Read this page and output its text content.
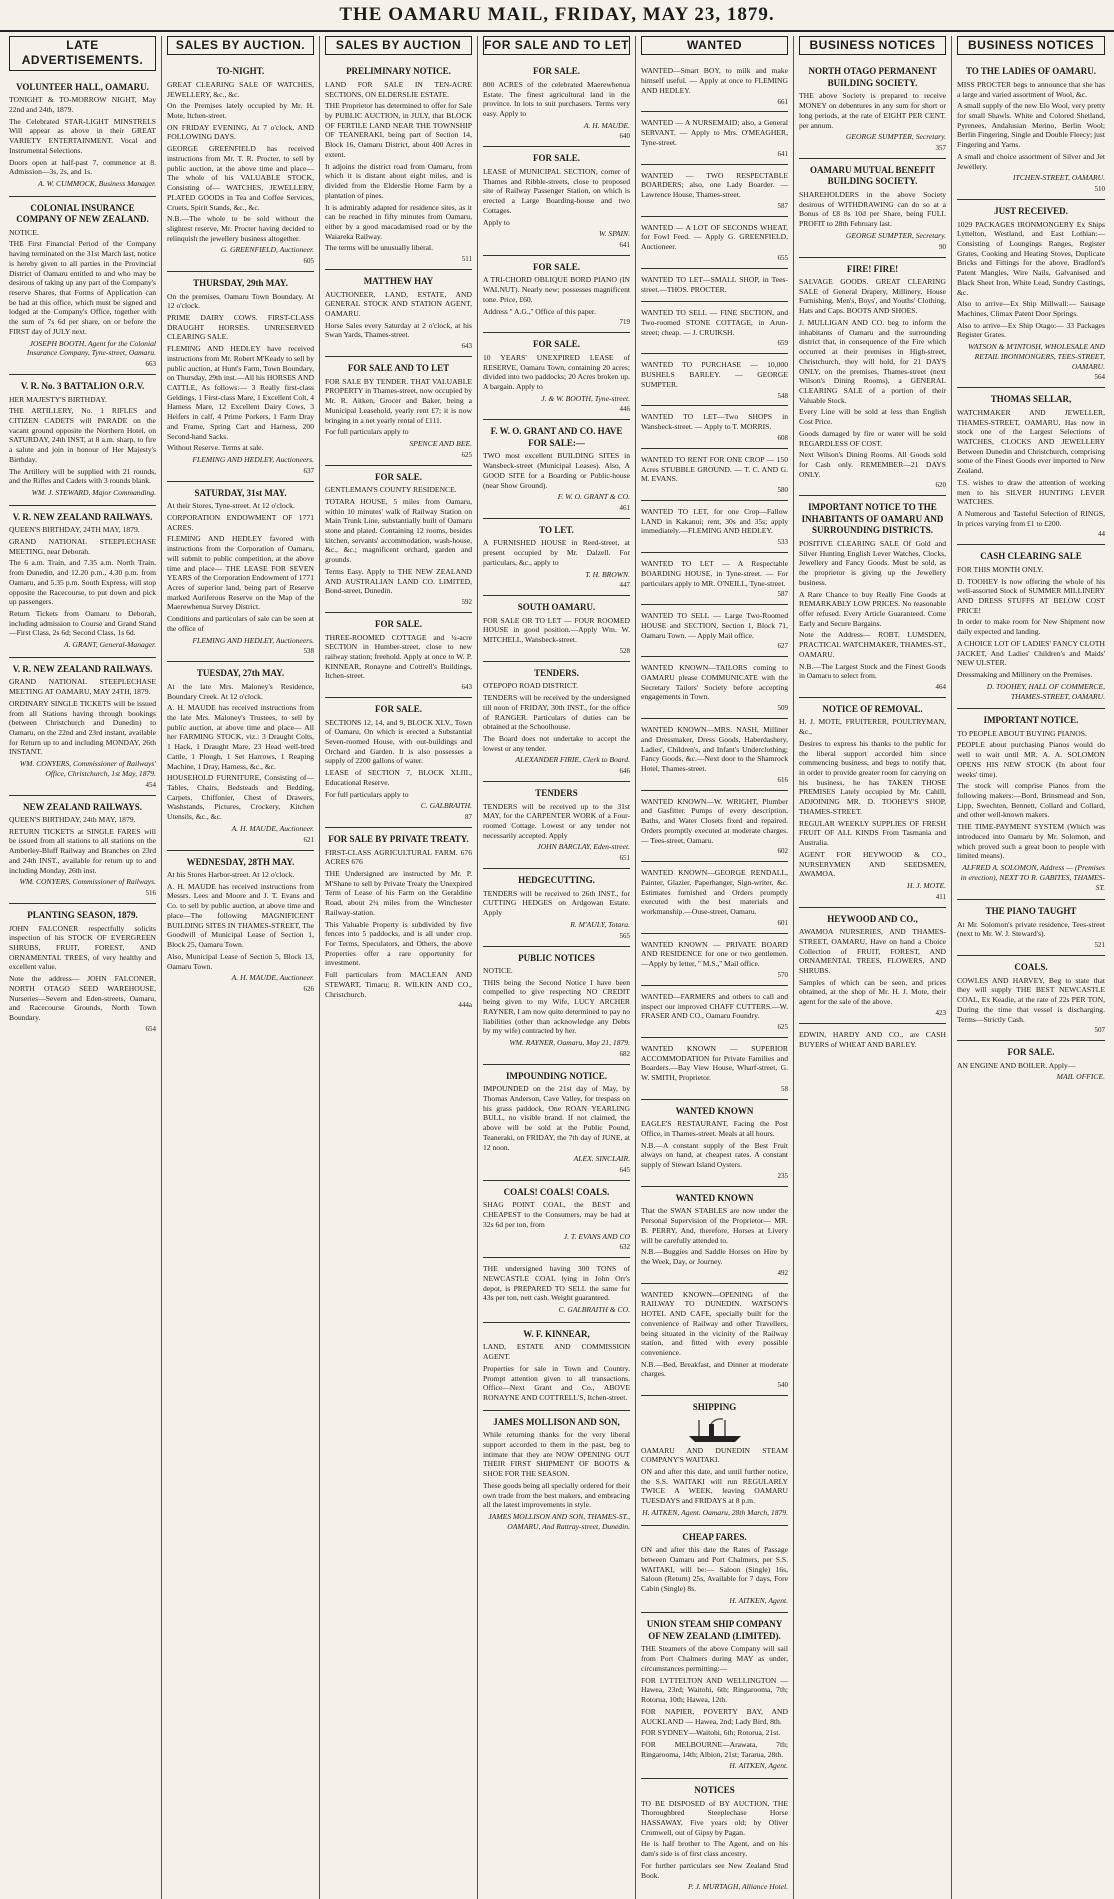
THE OAMARU MAIL, FRIDAY, MAY 23, 1879.
LATE ADVERTISEMENTS.
VOLUNTEER HALL, OAMARU.
TONIGHT & TO-MORROW NIGHT, May 22nd and 24th, 1879.
The Celebrated STAR-LIGHT MINSTRELS Will appear as above in their GREAT VARIETY ENTERTAINMENT. Vocal and Instrumental Selections.
Doors open at half-past 7, commence at 8. Admission—3s, 2s, and 1s.
A. W. CUMMOCK, Business Manager.
COLONIAL INSURANCE COMPANY OF NEW ZEALAND.
NOTICE.
THE First Financial Period of the Company having terminated on the 31st March last, notice is hereby given to all parties in the Provincial District of Oamaru entitled to and who may be desirous of taking up any part of the Company's reserve Shares, that Forms of Application can be had at this office, which must be signed and lodged at the Company's Office, together with the sum of 7s 6d per share, on or before the FIRST day of JULY next.
JOSEPH BOOTH, Agent for the Colonial Insurance Company, Tyne-street, Oamaru.
663
V. R. No. 3 BATTALION O.R.V.
HER MAJESTY'S BIRTHDAY.
THE ARTILLERY, No. 1 RIFLES and CITIZEN CADETS will PARADE on the vacant ground opposite the Northern Hotel, on SATURDAY, 24th INST, at 8 a.m. sharp, to fire a salute and join in honour of Her Majesty's Birthday.
The Artillery will be supplied with 21 rounds, and the Rifles and Cadets with 3 rounds blank.
WM. J. STEWARD, Major Commanding.
V. R. NEW ZEALAND RAILWAYS.
QUEEN'S BIRTHDAY, 24TH MAY, 1879.
GRAND NATIONAL STEEPLECHASE MEETING, near Deborah.
The 6 a.m. Train, and 7.35 a.m. North Train, from Dunedin, and 12.20 p.m., 4.30 p.m. from Oamaru, and 5.35 p.m. South Express, will stop opposite the Racecourse, to put down and pick up passengers.
Return Tickets from Oamaru to Deborah, including admission to Course and Grand Stand—First Class, 2s 6d; Second Class, 1s 6d.
A. GRANT, General-Manager.
V. R. NEW ZEALAND RAILWAYS.
GRAND NATIONAL STEEPLECHASE MEETING AT OAMARU, MAY 24TH, 1879.
ORDINARY SINGLE TICKETS will be issued from all Stations having through bookings (between Christchurch and Dunedin) to Oamaru, on the 22nd and 23rd instant, available for Return up to and including MONDAY, 26th INSTANT.
WM. CONYERS, Commissioner of Railways' Office, Christchurch, 1st May, 1879.
454
NEW ZEALAND RAILWAYS.
QUEEN'S BIRTHDAY, 24th MAY, 1879.
RETURN TICKETS at SINGLE FARES will be issued from all stations to all stations on the Amberley-Bluff Railway and Branches on 23rd and 24th INST., available for return up to and including Monday, 26th inst.
WM. CONYERS, Commissioner of Railways.
516
PLANTING SEASON, 1879.
JOHN FALCONER respectfully solicits inspection of his STOCK OF EVERGREEN SHRUBS, FRUIT, FOREST, AND ORNAMENTAL TREES, of very healthy and excellent value.
Note the address— JOHN FALCONER, NORTH OTAGO SEED WAREHOUSE, Nurseries—Severn and Eden-streets, Oamaru, and Racecourse Grounds, North Town Boundary.
654
SALES BY AUCTION.
TO-NIGHT.
GREAT CLEARING SALE OF WATCHES, JEWELLERY, &c., &c.
On the Premises lately occupied by Mr. H. Mote, Itchen-street.
ON FRIDAY EVENING, At 7 o'clock, AND FOLLOWING DAYS.
GEORGE GREENFIELD has received instructions from Mr. T. R. Procter, to sell by public auction, at the above time and place—The whole of his VALUABLE STOCK, Consisting of— WATCHES, JEWELLERY, PLATED GOODS in Tea and Coffee Services, Cruets, Spirit Stands, &c., &c.
N.B.—The whole to be sold without the slightest reserve, Mr. Procter having decided to relinquish the jewellery business altogether.
G. GREENFIELD, Auctioneer.
605
THURSDAY, 29th MAY.
On the premises, Oamaru Town Boundary. At 12 o'clock.
PRIME DAIRY COWS. FIRST-CLASS DRAUGHT HORSES. UNRESERVED CLEARING SALE.
FLEMING AND HEDLEY have received instructions from Mr. Robert M'Keady to sell by public auction, at Hunt's Farm, Town Boundary, on Thursday, 29th inst.—All his HORSES AND CATTLE, As follows:— 3 Really first-class Geldings, 1 First-class Mare, 1 Excellent Colt, 4 Hamess Mare, 12 Excellent Dairy Cows, 3 Heifers in calf, 4 Prime Porkers, 1 Farm Dray and Frame, Spring Cart and Harness, 200 Second-hand Sacks.
Without Reserve. Terms at sale.
FLEMING AND HEDLEY, Auctioneers.
637
SATURDAY, 31st MAY.
At their Stores, Tyne-street. At 12 o'clock.
CORPORATION ENDOWMENT OF 1771 ACRES.
FLEMING AND HEDLEY favored with instructions from the Corporation of Oamaru, will submit to public competition, at the above time and place— THE LEASE FOR SEVEN YEARS of the Corporation Endowment of 1771 Acres of superior land, being part of Reserve marked Auriferous Reserve on the Map of the Maerewhenua Survey District.
Conditions and particulars of sale can be seen at the office of
FLEMING AND HEDLEY, Auctioneers.
538
TUESDAY, 27th MAY.
At the late Mrs. Maloney's Residence, Boundary Creek. At 12 o'clock.
A. H. MAUDE has received instructions from the late Mrs. Maloney's Trustees, to sell by public auction, at above time and place— All her FARMING STOCK, viz.: 3 Draught Colts, 1 Hack, 1 Draught Mare, 23 Head well-bred Cattle, 1 Plough, 1 Set Harrows, 1 Reaping Machine, 1 Dray, Harness, &c., &c.
HOUSEHOLD FURNITURE, Consisting of— Tables, Chairs, Bedsteads and Bedding, Carpets, Chiffonier, Chest of Drawers, Washstands, Pictures, Crockery, Kitchen Utensils, &c., &c.
A. H. MAUDE, Auctioneer.
621
WEDNESDAY, 28TH MAY.
At his Stores Harbor-street. At 12 o'clock.
A. H. MAUDE has received instructions from Messrs. Lees and Moore and J. T. Evans and Co. to sell by public auction, at above time and place—The following MAGNIFICENT BUILDING SITES IN THAMES-STREET, The Goodwill of Municipal Lease of Section 1, Block 25, Oamaru Town.
Also, Municipal Lease of Section 5, Block 13, Oamaru Town.
A. H. MAUDE, Auctioneer.
626
SALES BY AUCTION
PRELIMINARY NOTICE.
LAND FOR SALE IN TEN-ACRE SECTIONS, ON ELDERSLIE ESTATE.
THE Proprietor has determined to offer for Sale by PUBLIC AUCTION, in JULY, that BLOCK OF FERTILE LAND NEAR THE TOWNSHIP OF TEANERAKI, being part of Section 14, Block 16, Oamaru District, about 400 Acres in extent.
It adjoins the district road from Oamaru, from which it is distant about eight miles, and is divided from the Elderslie Home Farm by a plantation of pines.
It is admirably adapted for residence sites, as it can be reached in fifty minutes from Oamaru, either by a good macadamised road or by the Waiareka Railway.
The terms will be unusually liberal.
511
MATTHEW HAY
AUCTIONEER, LAND, ESTATE, AND GENERAL STOCK AND STATION AGENT, OAMARU.
Horse Sales every Saturday at 2 o'clock, at his Swan Yards, Thames-street.
643
FOR SALE AND TO LET
FOR SALE BY TENDER. THAT VALUABLE PROPERTY in Thames-street, now occupied by Mr. R. Aitken, Grocer and Baker, being a Municipal Leasehold, yearly rent £7; it is now bringing in a net yearly rental of £111.
For full particulars apply to
SPENCE AND BEE.
625
FOR SALE.
GENTLEMAN'S COUNTY RESIDENCE.
TOTARA HOUSE, 5 miles from Oamaru, within 10 minutes' walk of Railway Station on Main Trunk Line, substantially built of Oamaru stone and plated. Containing 12 rooms, besides kitchen, servants' accommodation, wash-house, &c., &c.; magnificent orchard, garden and grounds.
Terms Easy. Apply to THE NEW ZEALAND AND AUSTRALIAN LAND CO. LIMITED, Bond-street, Dunedin.
592
FOR SALE.
THREE-ROOMED COTTAGE and ¼-acre SECTION in Humber-street, close to new railway station; freehold. Apply at once to W. P. KINNEAR, Ronayne and Cottrell's Buildings, Itchen-street.
643
FOR SALE.
SECTIONS 12, 14, and 9, BLOCK XLV., Town of Oamaru, On which is erected a Substantial Seven-roomed House, with out-buildings and Orchard and Garden. It is also possesses a supply of 2200 gallons of water.
LEASE of SECTION 7, BLOCK XLIII., Educational Reserve.
For full particulars apply to
C. GALBRAITH.
87
FOR SALE BY PRIVATE TREATY.
FIRST-CLASS AGRICULTURAL FARM. 676 ACRES 676
THE Undersigned are instructed by Mr. P. M'Shane to sell by Private Treaty the Unexpired Term of Lease of his Farm on the Geraldine Road, about 2¼ miles from the Winchester Railway-station.
This Valuable Property is subdivided by five fences into 5 paddocks, and is all under crop. For Terms, Speculators, and Others, the above Properties offer a rare opportunity for investment.
Full particulars from MACLEAN AND STEWART, Timaru; R. WILKIN AND CO., Christchurch.
444a
FOR SALE AND TO LET
FOR SALE.
800 ACRES of the celebrated Maerewhenua Estate. The finest agricultural land in the province. In lots to suit purchasers. Terms very easy. Apply to
A. H. MAUDE.
640
FOR SALE.
LEASE of MUNICIPAL SECTION, corner of Thames and Ribble-streets, close to proposed site of Railway Passenger Station, on which is erected a Large Boarding-house and two Cottages.
Apply to
W. SPAIN.
641
FOR SALE.
A TRI-CHORD OBLIQUE BORD PIANO (IN WALNUT). Nearly new; possesses magnificent tone. Price, £60.
Address '' A.G.,'' Office of this paper.
719
FOR SALE.
10 YEARS' UNEXPIRED LEASE of RESERVE, Oamaru Town, containing 20 acres; divided into two paddocks; 20 Acres broken up. A bargain. Apply to
J. & W. BOOTH, Tyne-street.
446
F. W. O. GRANT AND CO. HAVE FOR SALE:—
TWO most excellent BUILDING SITES in Wansbeck-street (Municipal Leases). Also, A GOOD SITE for a Boarding or Public-house (near Show Ground).
F. W. O. GRANT & CO.
461
TO LET.
A FURNISHED HOUSE in Reed-street, at present occupied by Mr. Dalzell. For particulars, &c., apply to
T. H. BROWN.
447
SOUTH OAMARU.
FOR SALE OR TO LET — FOUR ROOMED HOUSE in good position.—Apply Wm. W. MITCHELL, Wansbeck-street.
528
TENDERS.
OTEPOPO ROAD DISTRICT.
TENDERS will be received by the undersigned till noon of FRIDAY, 30th INST., for the office of RANGER. Particulars of duties can be obtained at the Schoolhouse.
The Board does not undertake to accept the lowest or any tender.
ALEXANDER FIRIE, Clerk to Board.
646
TENDERS
TENDERS will be received up to the 31st MAY, for the CARPENTER WORK of a Four-roomed Cottage. Lowest or any tender not necessarily accepted. Apply
JOHN BARCLAY, Eden-street.
651
HEDGECUTTING.
TENDERS will be received to 26th INST., for CUTTING HEDGES on Ardgowan Estate. Apply
R. M'AULY, Totara.
565
PUBLIC NOTICES
NOTICE.
THIS being the Second Notice I have been compelled to give respecting NO CREDIT being given to my Wife, LUCY ARCHER RAYNER, I am now quite determined to pay no liabilities (other than acknowledge any Debts by my wife) contracted by her.
WM. RAYNER, Oamaru, May 21, 1879.
682
IMPOUNDING NOTICE.
IMPOUNDED on the 21st day of May, by Thomas Anderson, Cave Valley, for trespass on his grass paddock, One ROAN YEARLING BULL, no visible brand. If not claimed, the above will be sold at the Public Pound, Teaneraki, on FRIDAY, the 7th day of JUNE, at 12 noon.
ALEX. SINCLAIR.
645
COALS! COALS! COALS.
SHAG POINT COAL, the BEST and CHEAPEST to the Consumers, may be had at 32s 6d per ton, from
J. T. EVANS AND CO
632
THE undersigned having 300 TONS of NEWCASTLE COAL lying in John Orr's depot, is PREPARED TO SELL the same for 43s per ton, nett cash. Weight guaranteed.
C. GALBRAITH & CO.
W. F. KINNEAR,
LAND, ESTATE AND COMMISSION AGENT.
Properties for sale in Town and Country. Prompt attention given to all transactions. Office—Next Grant and Co., ABOVE RONAYNE AND COTTRELL'S, Itchen-street.
JAMES MOLLISON AND SON,
While returning thanks for the very liberal support accorded to them in the past, beg to intimate that they are NOW OPENING OUT THEIR FIRST SHIPMENT OF BOOTS & SHOE FOR THE SEASON.
These goods being all specially ordered for their own trade from the best makers, and embracing all the latest improvements in style.
JAMES MOLLISON AND SON, THAMES-ST., OAMARU, And Rattray-street, Dunedin.
WANTED
WANTED—Smart BOY, to milk and make himself useful. — Apply at once to FLEMING AND HEDLEY.
661
WANTED — A NURSEMAID; also, a General SERVANT. — Apply to Mrs. O'MEAGHER, Tyne-street.
641
WANTED — TWO RESPECTABLE BOARDERS; also, one Lady Boarder. — Lawrence House, Thames-street.
587
WANTED — A LOT OF SECONDS WHEAT, for Fowl Feed. — Apply G. GREENFIELD, Auctioneer.
655
WANTED TO LET—SMALL SHOP, in Tees-street.—THOS. PROCTER.
WANTED TO SELL — FINE SECTION, and Two-roomed STONE COTTAGE, in Arun-street; cheap. — J. CRUIKSH.
659
WANTED TO PURCHASE — 10,000 BUSHELS BARLEY. — GEORGE SUMPTER.
548
WANTED TO LET—Two SHOPS in Wansbeck-street. — Apply to T. MORRIS.
608
WANTED TO RENT FOR ONE CROP — 150 Acres STUBBLE GROUND. — T. C. AND G. M. EVANS.
580
WANTED TO LET, for one Crop—Fallow LAND in Kakanui; rent, 30s and 35s; apply immediately.—FLEMING AND HEDLEY.
533
WANTED TO LET — A Respectable BOARDING HOUSE, in Tyne-street. — For particulars apply to MR. O'NEILL, Tyne-street.
587
WANTED TO SELL — Large Two-Roomed HOUSE and SECTION, Section 1, Block 71, Oamaru Town. — Apply Mail office.
627
WANTED KNOWN—TAILORS coming to OAMARU please COMMUNICATE with the Secretary Tailors' Society before accepting engagements in Town.
509
WANTED KNOWN—MRS. NASH, Milliner and Dressmaker, Dress Goods, Haberdashery, Ladies', Children's, and Infant's Underclothing; Fancy Goods, &c.—Next door to the Shamrock Hotel, Thames-street.
616
WANTED KNOWN—W. WRIGHT, Plumber and Gasfitter. Pumps of every description, Baths, and Water Closets fixed and repaired. Orders promptly executed at moderate charges. — Tees-street, Oamaru.
602
WANTED KNOWN—GEORGE RENDALL, Painter, Glazier, Paperhanger, Sign-writer, &c. Estimates furnished and Orders promptly executed with the best materials and workmanship.—Ouse-street, Oamaru.
601
WANTED KNOWN — PRIVATE BOARD AND RESIDENCE for one or two gentlemen.—Apply by letter, '' M.S.,'' Mail office.
570
WANTED—FARMERS and others to call and inspect our improved CHAFF CUTTERS.—W. FRASER AND CO., Oamaru Foundry.
625
WANTED KNOWN — SUPERIOR ACCOMMODATION for Private Families and Boarders.—Bay View House, Wharf-street, G. W. SMITH, Proprietor.
58
WANTED KNOWN
EAGLE'S RESTAURANT, Facing the Post Office, in Thames-street. Meals at all hours.
N.B.—A constant supply of the Best Fruit always on hand, at cheapest rates. A constant supply of Stewart Island Oysters.
235
WANTED KNOWN
That the SWAN STABLES are now under the Personal Supervision of the Proprietor— MR. B. PERRY, And, therefore, Horses at Livery will be carefully attended to.
N.B.—Buggies and Saddle Horses on Hire by the Week, Day, or Journey.
492
WANTED KNOWN—OPENING of the RAILWAY TO DUNEDIN. WATSON'S HOTEL AND CAFE, specially built for the convenience of Railway and other Travellers, being situated in the vicinity of the Railway station, and fitted with every possible convenience.
N.B.—Bed, Breakfast, and Dinner at moderate charges.
540
SHIPPING
OAMARU AND DUNEDIN STEAM COMPANY'S WAITAKI.
ON and after this date, and until further notice, the S.S. WAITAKI will run REGULARLY TWICE A WEEK, leaving OAMARU TUESDAYS and FRIDAYS at 8 p.m.
H. AITKEN, Agent. Oamaru, 28th March, 1879.
CHEAP FARES.
ON and after this date the Rates of Passage between Oamaru and Port Chalmers, per S.S. WAITAKI, will be:— Saloon (Single) 16s, Saloon (Return) 25s, Available for 7 days, Fore Cabin (Single) 8s.
H. AITKEN, Agent.
UNION STEAM SHIP COMPANY OF NEW ZEALAND (LIMITED).
THE Steamers of the above Company will sail from Port Chalmers during MAY as under, circumstances permitting:—
FOR LYTTELTON AND WELLINGTON — Hawea, 23rd; Waitohi, 6th; Ringarooma, 7th; Rotorua, 10th; Hawea, 12th.
FOR NAPIER, POVERTY BAY, AND AUCKLAND — Hawea, 2nd; Lady Bird, 8th.
FOR SYDNEY—Waitohi, 6th; Rotorua, 21st.
FOR MELBOURNE—Arawata, 7th; Ringarooma, 14th; Albion, 21st; Tararua, 28th.
H. AITKEN, Agent.
NOTICES
TO BE DISPOSED of BY AUCTION, THE Thoroughbred Steeplechase Horse HASSAWAY, Five years old; by Oliver Cromwell, out of Gipsy by Pagan.
He is half brother to The Agent, and on his dam's side is of first class ancestry.
For further particulars see New Zealand Stud Book.
P. J. MURTAGH, Alliance Hotel.
BUSINESS NOTICES
NORTH OTAGO PERMANENT BUILDING SOCIETY.
THE above Society is prepared to receive MONEY on debentures in any sum for short or long periods, at the rate of EIGHT PER CENT. per annum.
GEORGE SUMPTER, Secretary.
357
OAMARU MUTUAL BENEFIT BUILDING SOCIETY.
SHAREHOLDERS in the above Society desirous of WITHDRAWING can do so at a Bonus of £8 8s 10d per Share, being FULL PROFIT to 28th February last.
GEORGE SUMPTER, Secretary.
90
FIRE! FIRE!
SALVAGE GOODS. GREAT CLEARING SALE of General Drapery, Millinery, House Furnishing, Men's, Boys', and Youths' Clothing, Hats and Caps. BOOTS AND SHOES.
J. MULLIGAN AND CO. beg to inform the inhabitants of Oamaru and the surrounding district that, in consequence of the Fire which occurred at their premises in High-street, Christchurch, they will hold, for 21 DAYS ONLY, on the premises, Thames-street (next Wilson's Dining Rooms), a GENERAL CLEARING SALE of a portion of their Valuable Stock.
Every Line will be sold at less than English Cost Price.
Goods damaged by fire or water will be sold REGARDLESS OF COST.
Next Wilson's Dining Rooms. All Goods sold for Cash only. REMEMBER—21 DAYS ONLY.
620
IMPORTANT NOTICE TO THE INHABITANTS OF OAMARU AND SURROUNDING DISTRICTS.
POSITIVE CLEARING SALE Of Gold and Silver Hunting English Lever Watches, Clocks, Jewellery and Fancy Goods. Must be sold, as the proprietor is giving up the Jewellery business.
A Rare Chance to buy Really Fine Goods at REMARKABLY LOW PRICES. No reasonable offer refused. Every Article Guaranteed. Come Early and Secure Bargains.
Note the Address— ROBT. LUMSDEN, PRACTICAL WATCHMAKER, THAMES-ST., OAMARU.
N.B.—The Largest Stock and the Finest Goods in Oamaru to select from.
464
NOTICE OF REMOVAL.
H. J. MOTE, FRUITERER, POULTRYMAN, &c.,
Desires to express his thanks to the public for the liberal support accorded him since commencing business, and begs to notify that, in order to provide greater room for carrying on his business, he has TAKEN THOSE PREMISES Lately occupied by Mr. Cahill, ADJOINING MR. D. TOOHEY'S SHOP, THAMES-STREET.
REGULAR WEEKLY SUPPLIES OF FRESH FRUIT OF ALL KINDS From Tasmania and Australia.
AGENT FOR HEYWOOD & CO., NURSERYMEN AND SEEDSMEN, AWAMOA.
H. J. MOTE.
411
HEYWOOD AND CO.,
AWAMOA NURSERIES, AND THAMES-STREET, OAMARU, Have on hand a Choice Collection of FRUIT, FOREST, AND ORNAMENTAL TREES, FLOWERS, AND SHRUBS.
Samples of which can be seen, and prices obtained, at the shop of Mr. H. J. Mote, their agent for the sale of the above.
423
EDWIN, HARDY AND CO., are CASH BUYERS of WHEAT AND BARLEY.
BUSINESS NOTICES
TO THE LADIES OF OAMARU.
MISS PROCTER begs to announce that she has a large and varied assortment of Wool, &c.
A small supply of the new Elo Wool, very pretty for small Shawls. White and Colored Shetland, Pyrenees, Andalusian Merino, Berlin Wool; Berlin Fingering, Single and Double Fleecy; just Fingering and Yarns.
A small and choice assortment of Silver and Jet Jewellery.
ITCHEN-STREET, OAMARU.
510
JUST RECEIVED.
1029 PACKAGES IRONMONGERY Ex Ships Lyttelton, Westland, and East Lothian:— Consisting of Loungings Ranges, Register Grates, Cooking and Heating Stoves, Duplicate Bricks and Fittings for the above, Bradford's Patent Mangles, Wire Nails, Galvanised and Black Sheet Iron, White Lead, Sundry Castings, &c.
Also to arrive—Ex Ship Millwall:— Sausage Machines, Climax Patent Door Springs.
Also to arrive—Ex Ship Otago:— 33 Packages Register Grates.
WATSON & M'INTOSH, WHOLESALE AND RETAIL IRONMONGERS, TEES-STREET, OAMARU.
564
THOMAS SELLAR,
WATCHMAKER AND JEWELLER, THAMES-STREET, OAMARU, Has now in stock one of the Largest Selections of WATCHES, CLOCKS AND JEWELLERY Between Dunedin and Christchurch, comprising some of the Finest Goods ever imported to New Zealand.
T.S. wishes to draw the attention of working men to his SILVER HUNTING LEVER WATCHES.
A Numerous and Tasteful Selection of RINGS, In prices varying from £1 to £200.
44
CASH CLEARING SALE
FOR THIS MONTH ONLY.
D. TOOHEY Is now offering the whole of his well-assorted Stock of SUMMER MILLINERY AND DRESS STUFFS AT BELOW COST PRICE!
In order to make room for New Shipment now daily expected and landing.
A CHOICE LOT OF LADIES' FANCY CLOTH JACKET, And Ladies' Children's and Maids' NEW ULSTER.
Dressmaking and Millinery on the Premises.
D. TOOHEY, HALL OF COMMERCE, THAMES-STREET, OAMARU.
IMPORTANT NOTICE.
TO PEOPLE ABOUT BUYING PIANOS.
PEOPLE about purchasing Pianos would do well to wait until MR. A. A. SOLOMON OPENS HIS NEW STOCK (In about four weeks' time).
The stock will comprise Pianos from the following makers:—Bord, Brinsmead and Son, Lipp, Swechten, Bennett, Collard and Collard, and other well-known makers.
THE TIME-PAYMENT SYSTEM (Which was introduced into Oamaru by Mr. Solomon, and which proved such a great boon to people with limited means).
ALFRED A. SOLOMON, Address — (Premises in erection), NEXT TO R. GABITES, THAMES-ST.
THE PIANO TAUGHT
At Mr. Solomon's private residence, Tees-street (next to Mr. W. J. Steward's).
521
COALS.
COWLES AND HARVEY, Beg to state that they will supply THE BEST NEWCASTLE COAL, Ex Keadie, at the rate of 22s PER TON, During the time that vessel is discharging. Terms—Strictly Cash.
507
FOR SALE.
AN ENGINE AND BOILER. Apply—
MAIL OFFICE.
